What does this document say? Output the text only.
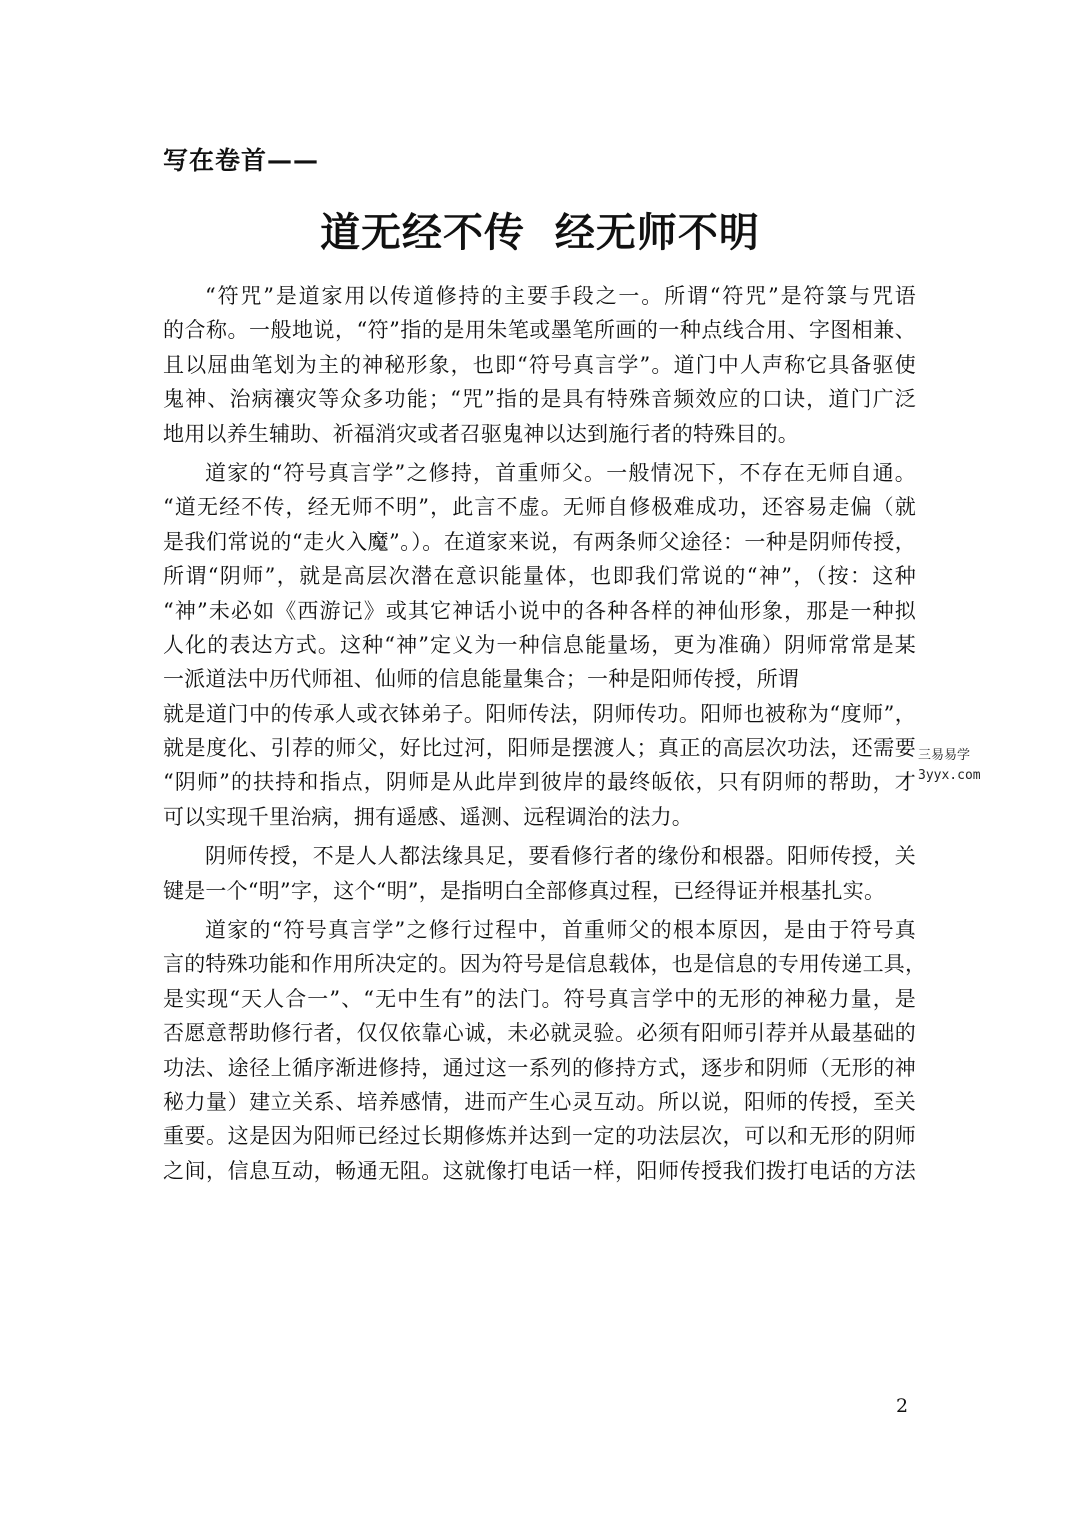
写在卷首——
道无经不传  经无师不明

“符咒”是道家用以传道修持的主要手段之一。所谓“符咒”是符箓与咒语
的合称。一般地说，“符”指的是用朱笔或墨笔所画的一种点线合用、字图相兼、
且以屈曲笔划为主的神秘形象，也即“符号真言学”。道门中人声称它具备驱使
鬼神、治病禳灾等众多功能；“咒”指的是具有特殊音频效应的口诀，道门广泛
地用以养生辅助、祈福消灾或者召驱鬼神以达到施行者的特殊目的。

道家的“符号真言学”之修持，首重师父。一般情况下，不存在无师自通。
“道无经不传，经无师不明”，此言不虚。无师自修极难成功，还容易走偏（就
是我们常说的“走火入魔”。）。在道家来说，有两条师父途径：一种是阴师传授，
所谓“阴师”，就是高层次潜在意识能量体，也即我们常说的“神”，（按：这种
“神”未必如《西游记》或其它神话小说中的各种各样的神仙形象，那是一种拟
人化的表达方式。这种“神”定义为一种信息能量场，更为准确）阴师常常是某
一派道法中历代师祖、仙师的信息能量集合；一种是阳师传授，所谓
就是道门中的传承人或衣钵弟子。阳师传法，阴师传功。阳师也被称为“度师”，
就是度化、引荐的师父，好比过河，阳师是摆渡人；真正的高层次功法，还需要
“阴师”的扶持和指点，阴师是从此岸到彼岸的最终皈依，只有阴师的帮助，才
可以实现千里治病，拥有遥感、遥测、远程调治的法力。

阴师传授，不是人人都法缘具足，要看修行者的缘份和根器。阳师传授，关
键是一个“明”字，这个“明”，是指明白全部修真过程，已经得证并根基扎实。

道家的“符号真言学”之修行过程中，首重师父的根本原因，是由于符号真
言的特殊功能和作用所决定的。因为符号是信息载体，也是信息的专用传递工具，
是实现“天人合一”、“无中生有”的法门。符号真言学中的无形的神秘力量，是
否愿意帮助修行者，仅仅依靠心诚，未必就灵验。必须有阳师引荐并从最基础的
功法、途径上循序渐进修持，通过这一系列的修持方式，逐步和阴师（无形的神
秘力量）建立关系、培养感情，进而产生心灵互动。所以说，阳师的传授，至关
重要。这是因为阳师已经过长期修炼并达到一定的功法层次，可以和无形的阴师
之间，信息互动，畅通无阻。这就像打电话一样，阳师传授我们拨打电话的方法

三易易学
3yyx.com
2
